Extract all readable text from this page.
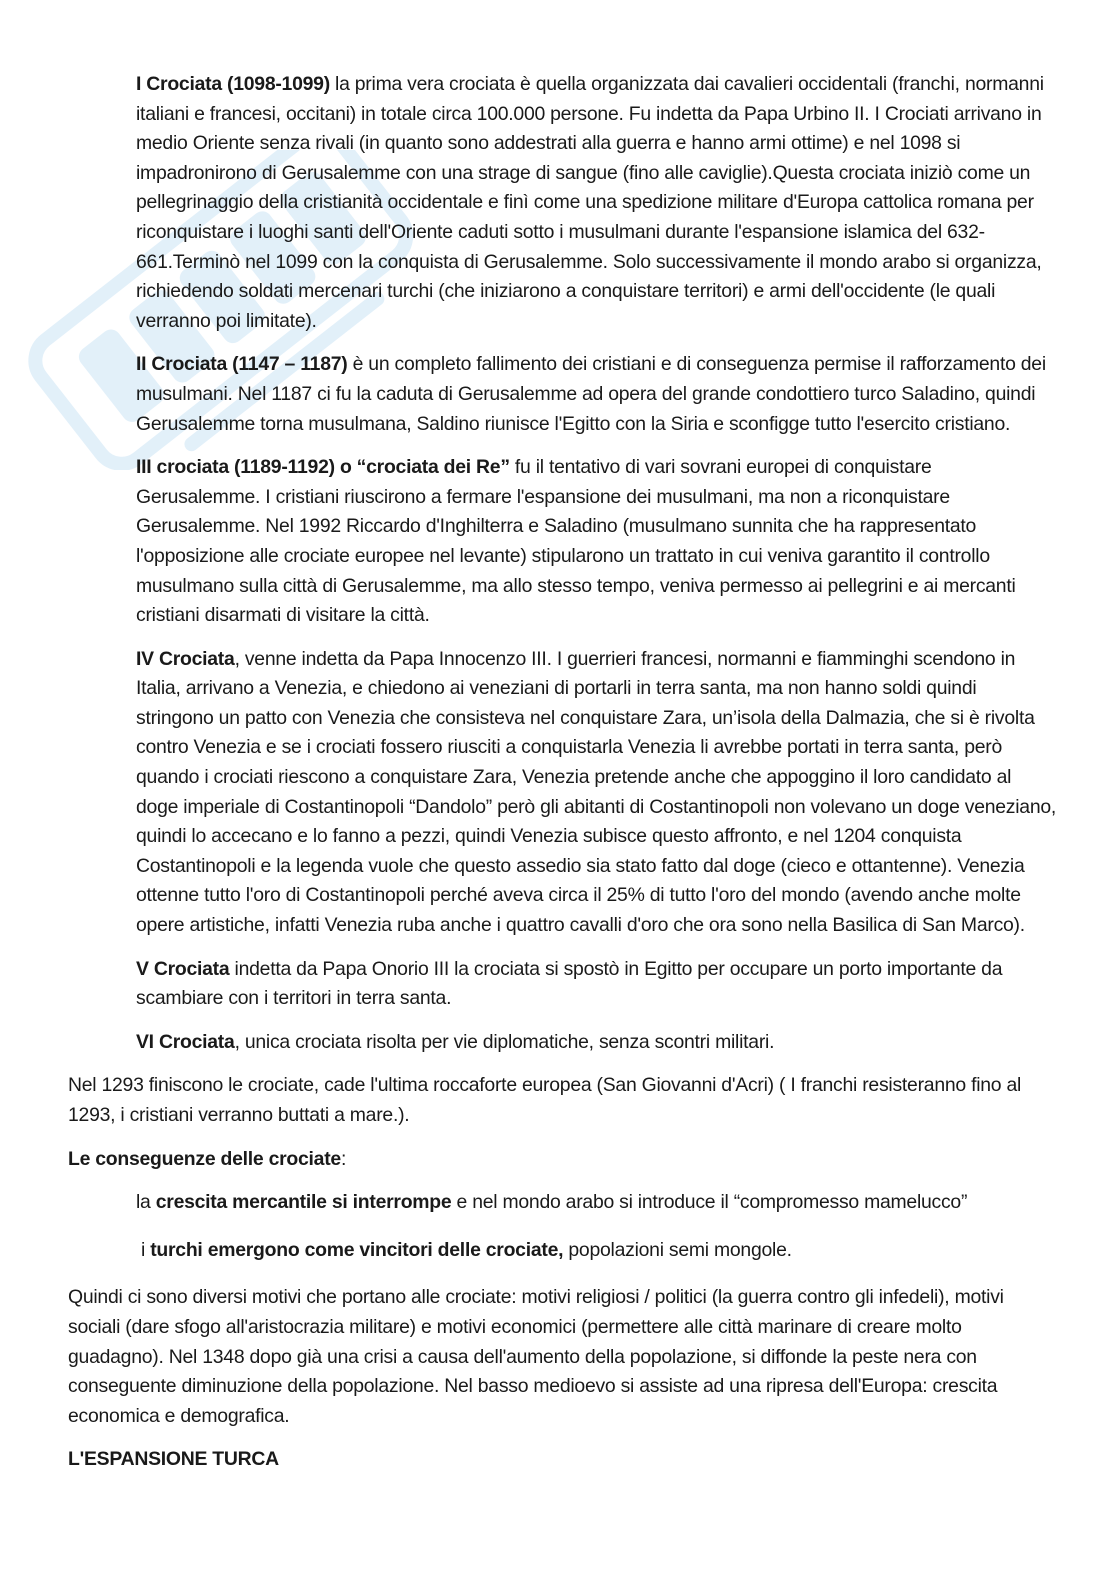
I Crociata (1098-1099) la prima vera crociata è quella organizzata dai cavalieri occidentali (franchi, normanni italiani e francesi, occitani) in totale circa 100.000 persone. Fu indetta da Papa Urbino II. I Crociati arrivano in medio Oriente senza rivali (in quanto sono addestrati alla guerra e hanno armi ottime) e nel 1098 si impadronirono di Gerusalemme con una strage di sangue (fino alle caviglie).Questa crociata iniziò come un pellegrinaggio della cristianità occidentale e finì come una spedizione militare d'Europa cattolica romana per riconquistare i luoghi santi dell'Oriente caduti sotto i musulmani durante l'espansione islamica del 632-661.Terminò nel 1099 con la conquista di Gerusalemme. Solo successivamente il mondo arabo si organizza, richiedendo soldati mercenari turchi (che iniziarono a conquistare territori) e armi dell'occidente (le quali verranno poi limitate).

II Crociata (1147 – 1187) è un completo fallimento dei cristiani e di conseguenza permise il rafforzamento dei musulmani. Nel 1187 ci fu la caduta di Gerusalemme ad opera del grande condottiero turco Saladino, quindi Gerusalemme torna musulmana, Saldino riunisce l'Egitto con la Siria e sconfigge tutto l'esercito cristiano.

III crociata (1189-1192) o “crociata dei Re” fu il tentativo di vari sovrani europei di conquistare Gerusalemme. I cristiani riuscirono a fermare l'espansione dei musulmani, ma non a riconquistare Gerusalemme. Nel 1992 Riccardo d'Inghilterra e Saladino (musulmano sunnita che ha rappresentato l'opposizione alle crociate europee nel levante) stipularono un trattato in cui veniva garantito il controllo musulmano sulla città di Gerusalemme, ma allo stesso tempo, veniva permesso ai pellegrini e ai mercanti cristiani disarmati di visitare la città.

IV Crociata, venne indetta da Papa Innocenzo III. I guerrieri francesi, normanni e fiamminghi scendono in Italia, arrivano a Venezia, e chiedono ai veneziani di portarli in terra santa, ma non hanno soldi quindi stringono un patto con Venezia che consisteva nel conquistare Zara, un’isola della Dalmazia, che si è rivolta contro Venezia e se i crociati fossero riusciti a conquistarla Venezia li avrebbe portati in terra santa, però quando i crociati riescono a conquistare Zara, Venezia pretende anche che appoggino il loro candidato al doge imperiale di Costantinopoli “Dandolo” però gli abitanti di Costantinopoli non volevano un doge veneziano, quindi lo accecano e lo fanno a pezzi, quindi Venezia subisce questo affronto, e nel 1204 conquista Costantinopoli e la legenda vuole che questo assedio sia stato fatto dal doge (cieco e ottantenne). Venezia ottenne tutto l'oro di Costantinopoli perché aveva circa il 25% di tutto l'oro del mondo (avendo anche molte opere artistiche, infatti Venezia ruba anche i quattro cavalli d'oro che ora sono nella Basilica di San Marco).

V Crociata indetta da Papa Onorio III la crociata si spostò in Egitto per occupare un porto importante da scambiare con i territori in terra santa.

VI Crociata, unica crociata risolta per vie diplomatiche, senza scontri militari.

Nel 1293 finiscono le crociate, cade l'ultima roccaforte europea (San Giovanni d'Acri) ( I franchi resisteranno fino al 1293, i cristiani verranno buttati a mare.).

Le conseguenze delle crociate:

la crescita mercantile si interrompe e nel mondo arabo si introduce il “compromesso mamelucco”

i turchi emergono come vincitori delle crociate, popolazioni semi mongole.

Quindi ci sono diversi motivi che portano alle crociate: motivi religiosi / politici (la guerra contro gli infedeli), motivi sociali (dare sfogo all'aristocrazia militare) e motivi economici (permettere alle città marinare di creare molto guadagno). Nel 1348 dopo già una crisi a causa dell'aumento della popolazione, si diffonde la peste nera con conseguente diminuzione della popolazione. Nel basso medioevo si assiste ad una ripresa dell'Europa: crescita economica e demografica.

L'ESPANSIONE TURCA
